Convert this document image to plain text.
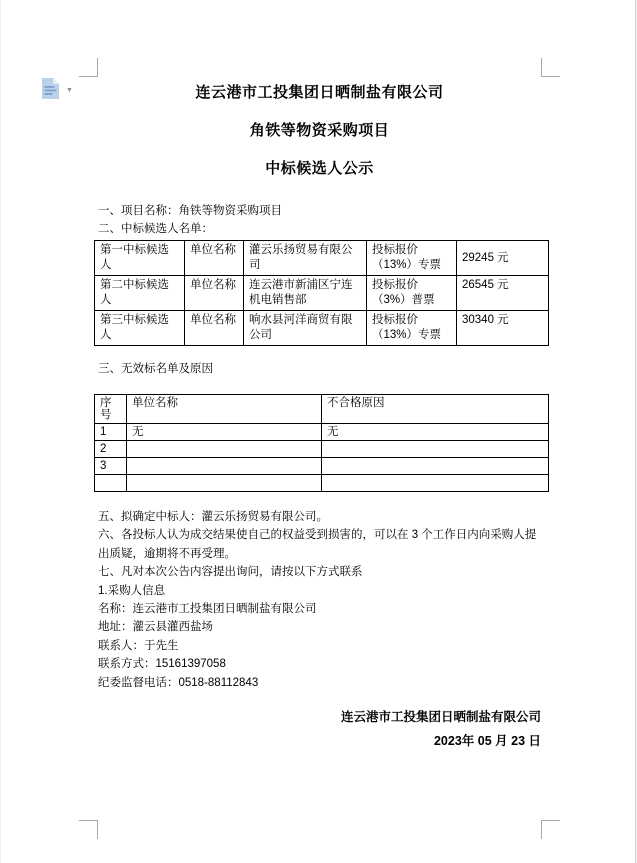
▼	连云港市工投集团日晒制盐有限公司
角铁等物资采购项目
中标候选人公示
一、项目名称：角铁等物资采购项目
二、中标候选人名单：
第一中标候选人	单位名称	灌云乐扬贸易有限公司	投标报价（13%）专票	29245 元
第二中标候选人	单位名称	连云港市新浦区宁连机电销售部	投标报价（3%）普票	26545 元
第三中标候选人	单位名称	响水县河洋商贸有限公司	投标报价（13%）专票	30340 元
三、无效标名单及原因
序号	单位名称	不合格原因
1	无	无
2		
3		

五、拟确定中标人：灌云乐扬贸易有限公司。

六、各投标人认为成交结果使自己的权益受到损害的，可以在 3 个工作日内向采购人提出质疑，逾期将不再受理。

七、凡对本次公告内容提出询问，请按以下方式联系

1.采购人信息

名称：连云港市工投集团日晒制盐有限公司

地址：灌云县灌西盐场

联系人：于先生

联系方式：15161397058

纪委监督电话：0518-88112843

连云港市工投集团日晒制盐有限公司
2023年 05 月 23 日
